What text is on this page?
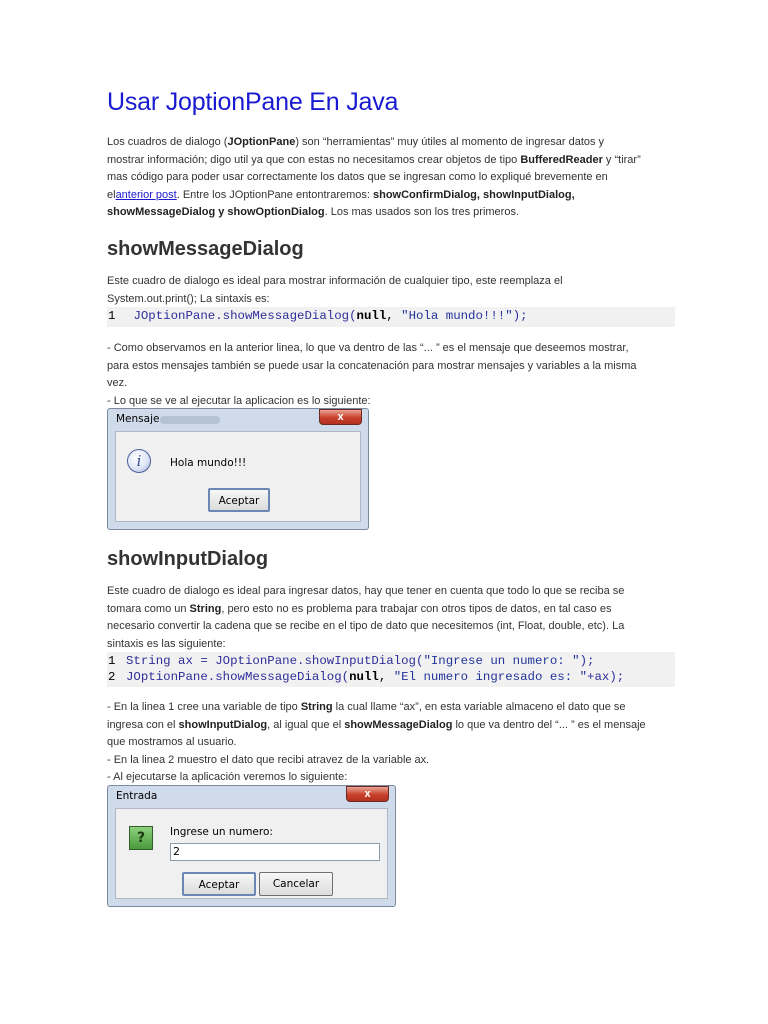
Usar JoptionPane En Java

Los cuadros de dialogo (JOptionPane) son “herramientas” muy útiles al momento de ingresar datos y
mostrar información; digo util ya que con estas no necesitamos crear objetos de tipo BufferedReader y “tirar”
mas código para poder usar correctamente los datos que se ingresan como lo expliqué brevemente en
elanterior post. Entre los JOptionPane entontraremos: showConfirmDialog, showInputDialog,
showMessageDialog y showOptionDialog. Los mas usados son los tres primeros.

showMessageDialog

Este cuadro de dialogo es ideal para mostrar información de cualquier tipo, este reemplaza el
System.out.print(); La sintaxis es:

1	JOptionPane.showMessageDialog(null, "Hola mundo!!!");

- Como observamos en la anterior linea, lo que va dentro de las “... ” es el mensaje que deseemos mostrar,
para estos mensajes también se puede usar la concatenación para mostrar mensajes y variables a la misma
vez.
- Lo que se ve al ejecutar la aplicacion es lo siguiente:

Mensaje	x
i	Hola mundo!!!
Aceptar
showInputDialog

Este cuadro de dialogo es ideal para ingresar datos, hay que tener en cuenta que todo lo que se reciba se
tomara como un String, pero esto no es problema para trabajar con otros tipos de datos, en tal caso es
necesario convertir la cadena que se recibe en el tipo de dato que necesitemos (int, Float, double, etc). La
sintaxis es las siguiente:

1 String ax = JOptionPane.showInputDialog("Ingrese un numero: ");
2 JOptionPane.showMessageDialog(null, "El numero ingresado es: "+ax);

- En la linea 1 cree una variable de tipo String la cual llame “ax”, en esta variable almaceno el dato que se
ingresa con el showInputDialog, al igual que el showMessageDialog lo que va dentro del “... ” es el mensaje
que mostramos al usuario.
- En la linea 2 muestro el dato que recibi atravez de la variable ax.
- Al ejecutarse la aplicación veremos lo siguiente:

Entrada	x
?	Ingrese un numero:
2
Aceptar	Cancelar
